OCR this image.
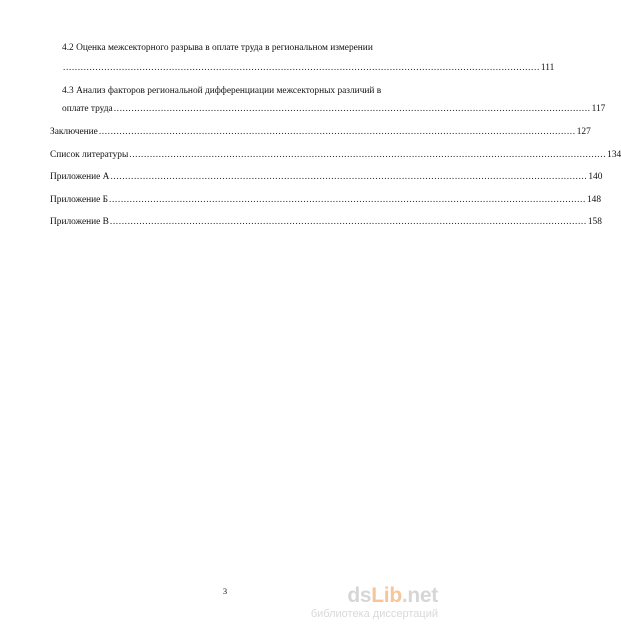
4.2 Оценка межсекторного разрыва в оплате труда в региональном измерении
.................................................................................................................................................................. 111
4.3 Анализ факторов региональной дифференциации межсекторных различий в
оплате труда .................................................................................................................................................................. 117
Заключение .................................................................................................................................................................. 127
Список литературы .................................................................................................................................................................. 134
Приложение А .................................................................................................................................................................. 140
Приложение Б .................................................................................................................................................................. 148
Приложение В .................................................................................................................................................................. 158
3	dsLib.net
библиотека диссертаций
